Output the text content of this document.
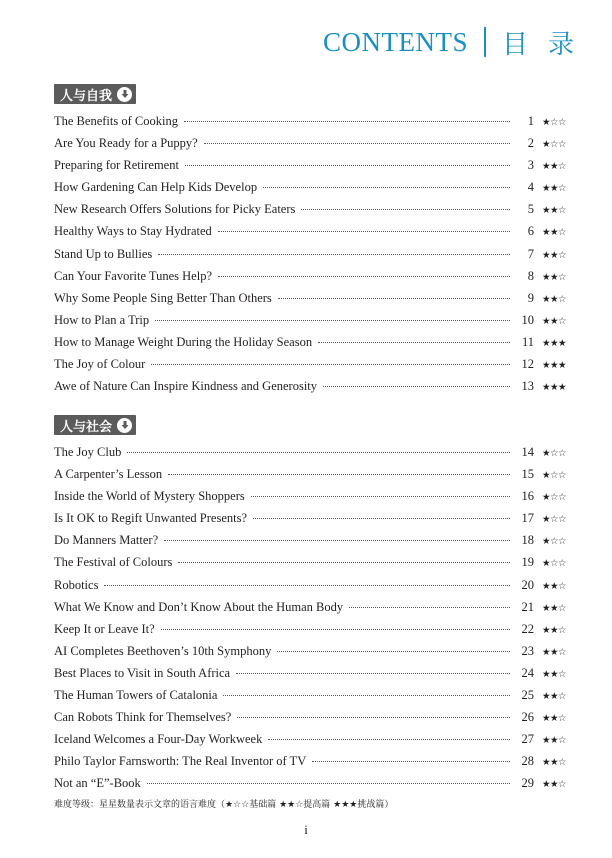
CONTENTS 目录
人与自我
The Benefits of Cooking	1 ★☆☆
Are You Ready for a Puppy?	2 ★☆☆
Preparing for Retirement	3 ★★☆
How Gardening Can Help Kids Develop	4 ★★☆
New Research Offers Solutions for Picky Eaters	5 ★★☆
Healthy Ways to Stay Hydrated	6 ★★☆
Stand Up to Bullies	7 ★★☆
Can Your Favorite Tunes Help?	8 ★★☆
Why Some People Sing Better Than Others	9 ★★☆
How to Plan a Trip	10 ★★☆
How to Manage Weight During the Holiday Season	11 ★★★
The Joy of Colour	12 ★★★
Awe of Nature Can Inspire Kindness and Generosity	13 ★★★
人与社会
The Joy Club	14 ★☆☆
A Carpenter’s Lesson	15 ★☆☆
Inside the World of Mystery Shoppers	16 ★☆☆
Is It OK to Regift Unwanted Presents?	17 ★☆☆
Do Manners Matter?	18 ★☆☆
The Festival of Colours	19 ★☆☆
Robotics	20 ★★☆
What We Know and Don’t Know About the Human Body	21 ★★☆
Keep It or Leave It?	22 ★★☆
AI Completes Beethoven’s 10th Symphony	23 ★★☆
Best Places to Visit in South Africa	24 ★★☆
The Human Towers of Catalonia	25 ★★☆
Can Robots Think for Themselves?	26 ★★☆
Iceland Welcomes a Four-Day Workweek	27 ★★☆
Philo Taylor Farnsworth: The Real Inventor of TV	28 ★★☆
Not an “E”-Book	29 ★★☆
难度等级：星星数量表示文章的语言难度（★☆☆基础篇 ★★☆提高篇 ★★★挑战篇）
i
